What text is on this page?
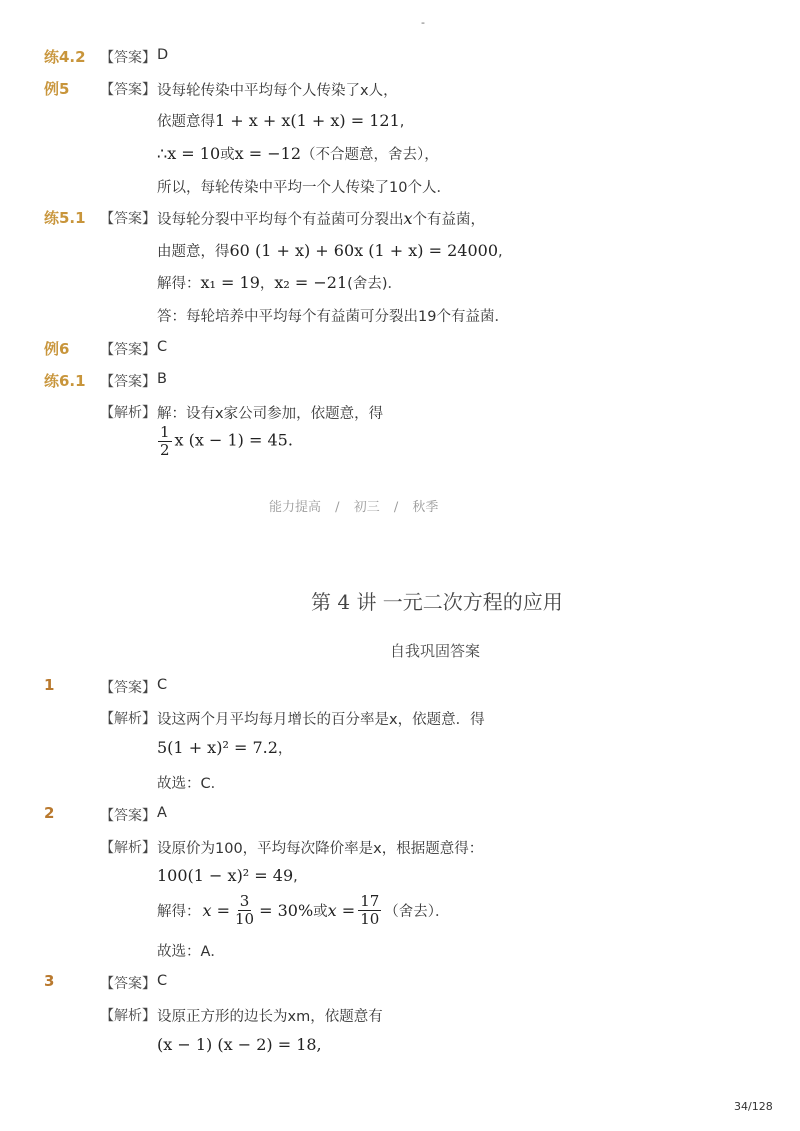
-
练4.2 【答案】 D
例5 【答案】 设每轮传染中平均每个人传染了x人，
依题意得1 + x + x(1 + x) = 121,
∴x = 10或x = −12（不合题意，舍去），
所以，每轮传染中平均一个人传染了10个人．
练5.1 【答案】 设每轮分裂中平均每个有益菌可分裂出x个有益菌，
由题意，得60 (1 + x) + 60x (1 + x) = 24000,
解得：x₁ = 19，x₂ = −21(舍去)．
答：每轮培养中平均每个有益菌可分裂出19个有益菌．
例6 【答案】 C
练6.1 【答案】 B
【解析】 解：设有x家公司参加，依题意，得
$\frac{1}{2}$ x (x − 1) = 45.
能力提高 / 初三 / 秋季
第 4 讲 一元二次方程的应用
自我巩固答案
1	【答案】 C
【解析】 设这两个月平均每月增长的百分率是x，依题意．得
5(1 + x)² = 7.2，
故选：C．
2	【答案】 A
【解析】 设原价为100，平均每次降价率是x，根据题意得：
100(1 − x)² = 49,
解得： $x = \frac{3}{10} = 30\%$ 或 $x = \frac{17}{10}$ （舍去）．
故选：A．
3	【答案】 C
【解析】 设原正方形的边长为xm，依题意有
(x − 1) (x − 2) = 18,
34/128
